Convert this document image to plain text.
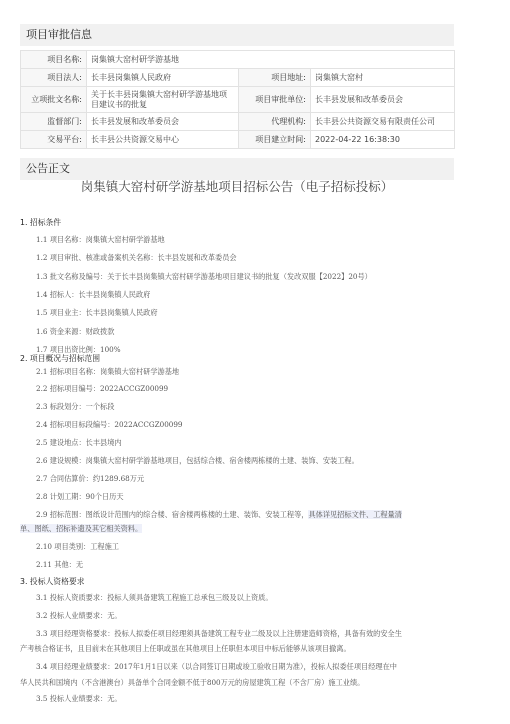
项目审批信息
项目名称:	岗集镇大窑村研学游基地		
项目法人:	长丰县岗集镇人民政府	项目地址:	岗集镇大窑村
立项批文名称:	关于长丰县岗集镇大窑村研学游基地项目建议书的批复	项目审批单位:	长丰县发展和改革委员会
监督部门:	长丰县发展和改革委员会	代理机构:	长丰县公共资源交易有限责任公司
交易平台:	长丰县公共资源交易中心	项目建立时间:	2022-04-22 16:38:30
公告正文
岗集镇大窑村研学游基地项目招标公告（电子招标投标）
1. 招标条件
1.1 项目名称：岗集镇大窑村研学游基地
1.2 项目审批、核准或备案机关名称：长丰县发展和改革委员会
1.3 批文名称及编号：关于长丰县岗集镇大窑村研学游基地项目建议书的批复（发改双服【2022】20号）
1.4 招标人：长丰县岗集镇人民政府
1.5 项目业主：长丰县岗集镇人民政府
1.6 资金来源：财政拨款
1.7 项目出资比例：100%
2. 项目概况与招标范围
2.1 招标项目名称：岗集镇大窑村研学游基地
2.2 招标项目编号：2022ACCGZ00099
2.3 标段划分：一个标段
2.4 招标项目标段编号：2022ACCGZ00099
2.5 建设地点：长丰县境内
2.6 建设规模：岗集镇大窑村研学游基地项目，包括综合楼、宿舍楼两栋楼的土建、装饰、安装工程。
2.7 合同估算价：约1289.68万元
2.8 计划工期：90个日历天
2.9 招标范围：图纸设计范围内的综合楼、宿舍楼两栋楼的土建、装饰、安装工程等，具体详见招标文件、工程量清
单、图纸、招标补遗及其它相关资料。
2.10 项目类别：工程施工
2.11 其他：无
3. 投标人资格要求
3.1 投标人资质要求：投标人须具备建筑工程施工总承包三级及以上资质。
3.2 投标人业绩要求：无。
3.3 项目经理资格要求：投标人拟委任项目经理须具备建筑工程专业二级及以上注册建造师资格，具备有效的安全生
产考核合格证书，且目前未在其他项目上任职或虽在其他项目上任职但本项目中标后能够从该项目撤离。
3.4 项目经理业绩要求：2017年1月1日以来（以合同签订日期或竣工验收日期为准），投标人拟委任项目经理在中
华人民共和国境内（不含港澳台）具备单个合同金额不低于800万元的房屋建筑工程（不含厂房）施工业绩。
3.5 投标人业绩要求：无。
